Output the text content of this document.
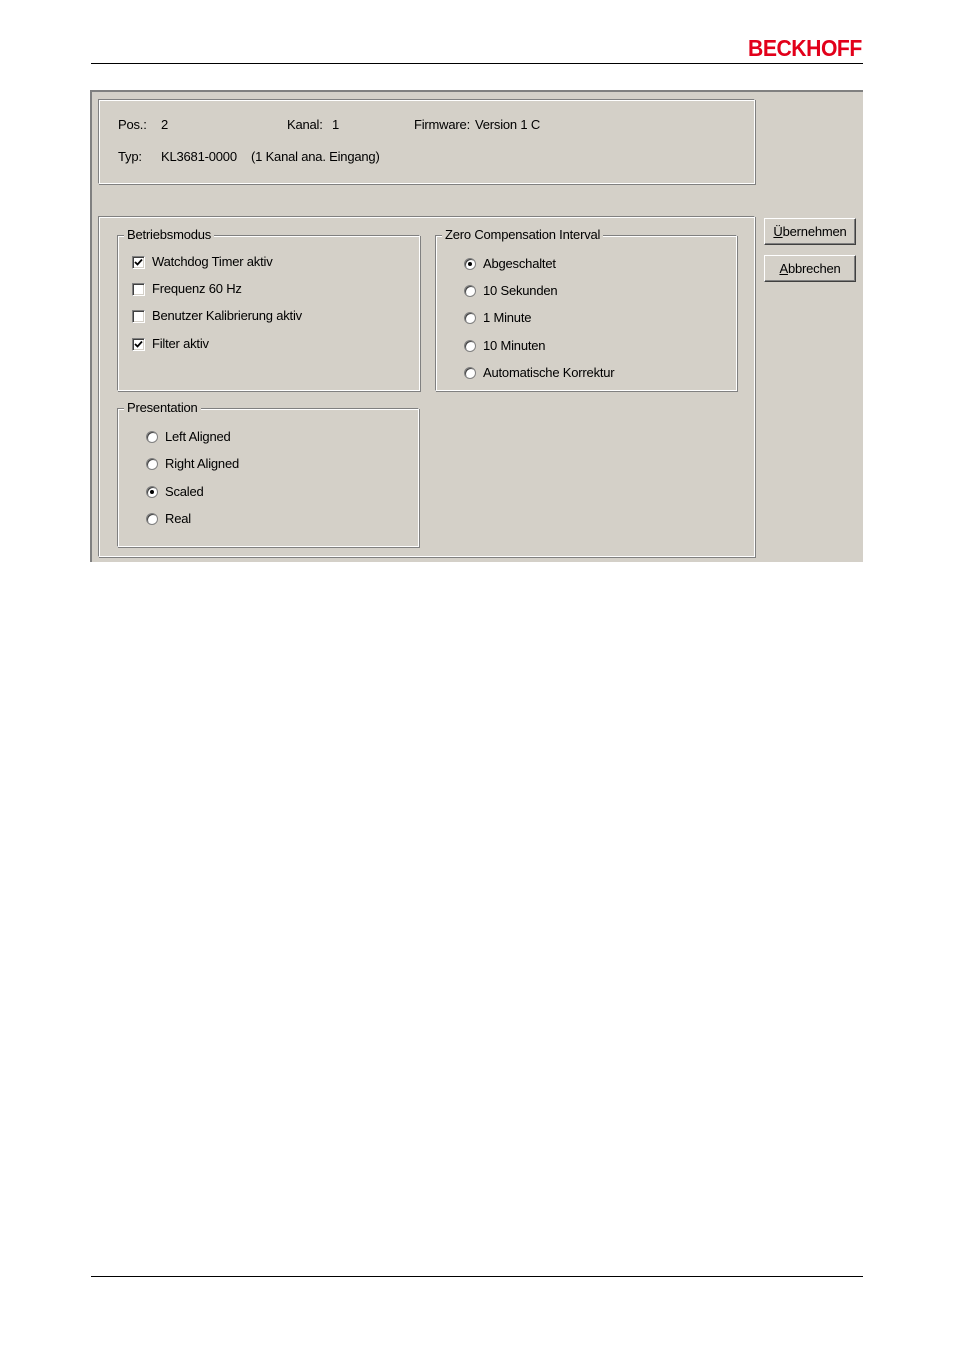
BECKHOFF
Pos.: 2	Kanal: 1	Firmware: Version 1 C
Typ: KL3681-0000 (1 Kanal ana. Eingang)
Betriebsmodus
Watchdog Timer aktiv
Frequenz 60 Hz
Benutzer Kalibrierung aktiv
Filter aktiv
Zero Compensation Interval
Abgeschaltet
10 Sekunden
1 Minute
10 Minuten
Automatische Korrektur
Presentation
Left Aligned
Right Aligned
Scaled
Real
Ü bernehmen
A bbrechen
